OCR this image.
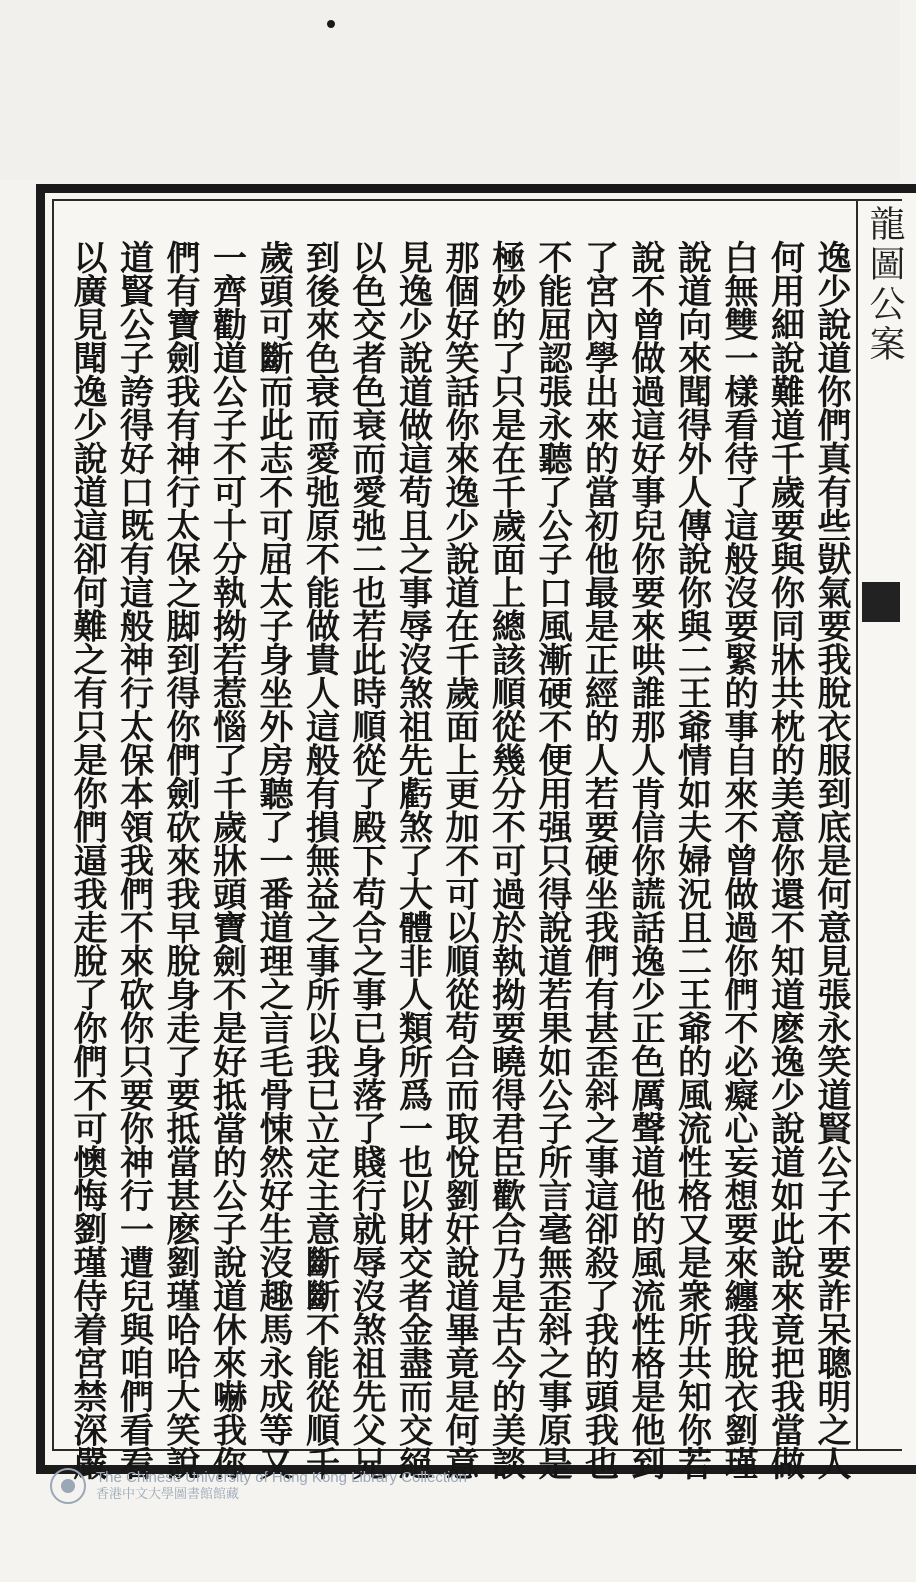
龍圖公案
逸少說道你們真有些獃氣要我脫衣服到底是何意見張永笑道賢公子不要詐呆聰明之人
何用細說難道千歲要與你同牀共枕的美意你還不知道麽逸少說道如此說來竟把我當做
白無雙一樣看待了這般沒要緊的事自來不曾做過你們不必癡心妄想要來纏我脫衣劉瑾
說道向來聞得外人傳說你與二王爺情如夫婦況且二王爺的風流性格又是衆所共知你若
說不曾做過這好事兒你要來哄誰那人肯信你謊話逸少正色厲聲道他的風流性格是他到
了宮內學出來的當初他最是正經的人若要硬坐我們有甚歪斜之事這卻殺了我的頭我也
不能屈認張永聽了公子口風漸硬不便用强只得說道若果如公子所言毫無歪斜之事原是
極妙的了只是在千歲面上總該順從幾分不可過於執拗要曉得君臣歡合乃是古今的美談
那個好笑話你來逸少說道在千歲面上更加不可以順從苟合而取悅劉奸說道畢竟是何意
見逸少說道做這苟且之事辱沒煞祖先虧煞了大體非人類所爲一也以財交者金盡而交絕
以色交者色衰而愛弛二也若此時順從了殿下苟合之事已身落了賤行就辱沒煞祖先父兄
到後來色衰而愛弛原不能做貴人這般有損無益之事所以我已立定主意斷斷不能從順千
歲頭可斷而此志不可屈太子身坐外房聽了一番道理之言毛骨悚然好生沒趣馬永成等又
一齊勸道公子不可十分執拗若惹惱了千歲牀頭寶劍不是好抵當的公子說道休來嚇我你
們有寶劍我有神行太保之脚到得你們劍砍來我早脫身走了要抵當甚麽劉瑾哈哈大笑說
道賢公子誇得好口既有這般神行太保本領我們不來砍你只要你神行一遭兒與咱們看看
以廣見聞逸少說道這卻何難之有只是你們逼我走脫了你們不可懊悔劉瑾侍着宮禁深嚴
The Chinese University of Hong Kong Library Collection
香港中文大學圖書館館藏
